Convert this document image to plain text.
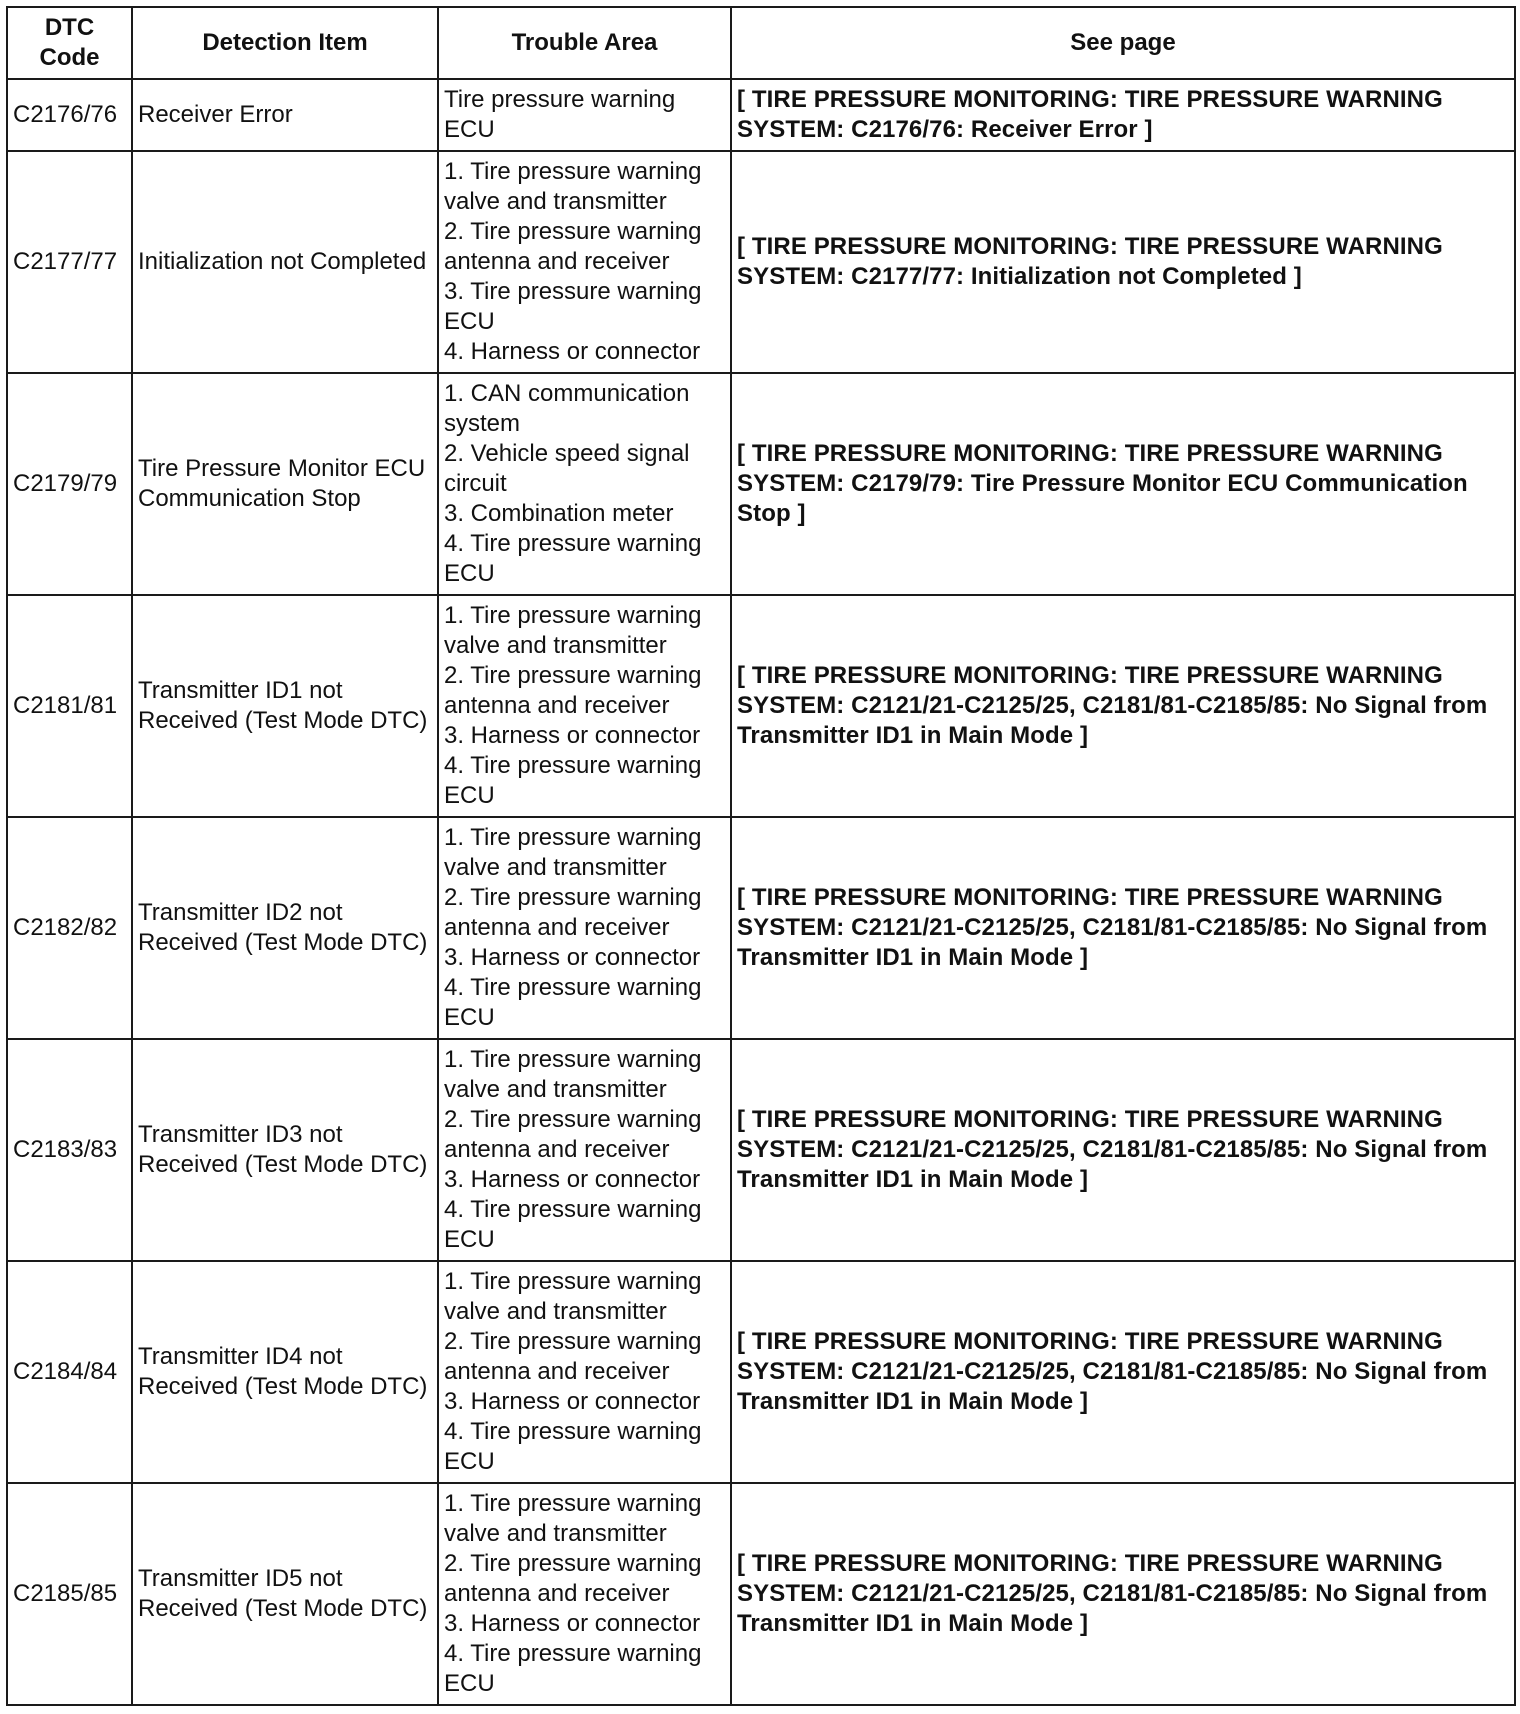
DTC Code	Detection Item	Trouble Area	See page
C2176/76	Receiver Error	Tire pressure warning ECU	[ TIRE PRESSURE MONITORING: TIRE PRESSURE WARNING SYSTEM: C2176/76: Receiver Error ]
C2177/77	Initialization not Completed	1. Tire pressure warning valve and transmitter
2. Tire pressure warning antenna and receiver
3. Tire pressure warning ECU
4. Harness or connector	[ TIRE PRESSURE MONITORING: TIRE PRESSURE WARNING SYSTEM: C2177/77: Initialization not Completed ]
C2179/79	Tire Pressure Monitor ECU Communication Stop	1. CAN communication system
2. Vehicle speed signal circuit
3. Combination meter
4. Tire pressure warning ECU	[ TIRE PRESSURE MONITORING: TIRE PRESSURE WARNING SYSTEM: C2179/79: Tire Pressure Monitor ECU Communication Stop ]
C2181/81	Transmitter ID1 not Received (Test Mode DTC)	1. Tire pressure warning valve and transmitter
2. Tire pressure warning antenna and receiver
3. Harness or connector
4. Tire pressure warning ECU	[ TIRE PRESSURE MONITORING: TIRE PRESSURE WARNING SYSTEM: C2121/21-C2125/25, C2181/81-C2185/85: No Signal from Transmitter ID1 in Main Mode ]
C2182/82	Transmitter ID2 not Received (Test Mode DTC)	1. Tire pressure warning valve and transmitter
2. Tire pressure warning antenna and receiver
3. Harness or connector
4. Tire pressure warning ECU	[ TIRE PRESSURE MONITORING: TIRE PRESSURE WARNING SYSTEM: C2121/21-C2125/25, C2181/81-C2185/85: No Signal from Transmitter ID1 in Main Mode ]
C2183/83	Transmitter ID3 not Received (Test Mode DTC)	1. Tire pressure warning valve and transmitter
2. Tire pressure warning antenna and receiver
3. Harness or connector
4. Tire pressure warning ECU	[ TIRE PRESSURE MONITORING: TIRE PRESSURE WARNING SYSTEM: C2121/21-C2125/25, C2181/81-C2185/85: No Signal from Transmitter ID1 in Main Mode ]
C2184/84	Transmitter ID4 not Received (Test Mode DTC)	1. Tire pressure warning valve and transmitter
2. Tire pressure warning antenna and receiver
3. Harness or connector
4. Tire pressure warning ECU	[ TIRE PRESSURE MONITORING: TIRE PRESSURE WARNING SYSTEM: C2121/21-C2125/25, C2181/81-C2185/85: No Signal from Transmitter ID1 in Main Mode ]
C2185/85	Transmitter ID5 not Received (Test Mode DTC)	1. Tire pressure warning valve and transmitter
2. Tire pressure warning antenna and receiver
3. Harness or connector
4. Tire pressure warning ECU	[ TIRE PRESSURE MONITORING: TIRE PRESSURE WARNING SYSTEM: C2121/21-C2125/25, C2181/81-C2185/85: No Signal from Transmitter ID1 in Main Mode ]
